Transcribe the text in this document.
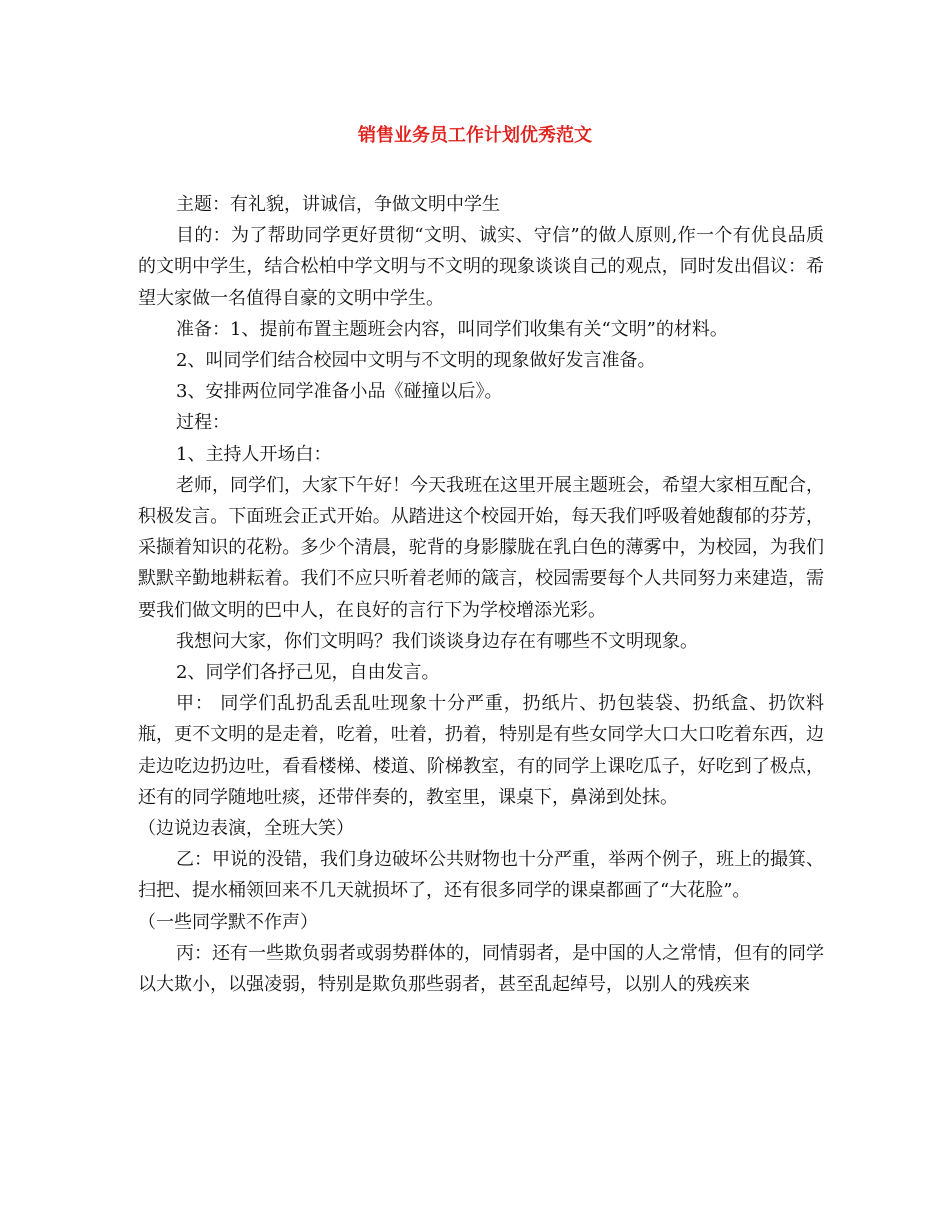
销售业务员工作计划优秀范文

主题：有礼貌，讲诚信，争做文明中学生

目的：为了帮助同学更好贯彻“文明、诚实、守信”的做人原则,作一个有优良品质的文明中学生，结合松柏中学文明与不文明的现象谈谈自己的观点，同时发出倡议：希望大家做一名值得自豪的文明中学生。

准备：1、提前布置主题班会内容，叫同学们收集有关“文明”的材料。

2、叫同学们结合校园中文明与不文明的现象做好发言准备。

3、安排两位同学准备小品《碰撞以后》。

过程：

1、主持人开场白：

老师，同学们，大家下午好！今天我班在这里开展主题班会，希望大家相互配合，积极发言。下面班会正式开始。从踏进这个校园开始，每天我们呼吸着她馥郁的芬芳，采撷着知识的花粉。多少个清晨，驼背的身影朦胧在乳白色的薄雾中，为校园，为我们默默辛勤地耕耘着。我们不应只听着老师的箴言，校园需要每个人共同努力来建造，需要我们做文明的巴中人，在良好的言行下为学校增添光彩。

我想问大家，你们文明吗？我们谈谈身边存在有哪些不文明现象。

2、同学们各抒己见，自由发言。

甲： 同学们乱扔乱丢乱吐现象十分严重，扔纸片、扔包装袋、扔纸盒、扔饮料瓶，更不文明的是走着，吃着，吐着，扔着，特别是有些女同学大口大口吃着东西，边走边吃边扔边吐，看看楼梯、楼道、阶梯教室，有的同学上课吃瓜子，好吃到了极点，还有的同学随地吐痰，还带伴奏的，教室里，课桌下，鼻涕到处抹。

（边说边表演，全班大笑）

乙：甲说的没错，我们身边破坏公共财物也十分严重，举两个例子，班上的撮箕、扫把、提水桶领回来不几天就损坏了，还有很多同学的课桌都画了“大花脸”。

（一些同学默不作声）

丙：还有一些欺负弱者或弱势群体的，同情弱者，是中国的人之常情，但有的同学以大欺小，以强凌弱，特别是欺负那些弱者，甚至乱起绰号，以别人的残疾来
